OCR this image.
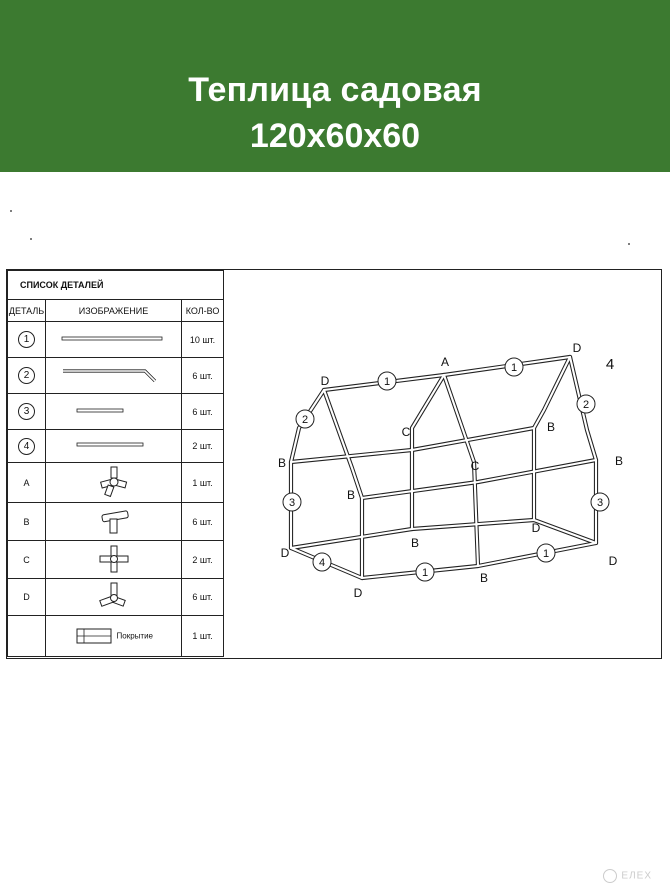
Теплица садовая
120x60x60
СПИСОК ДЕТАЛЕЙ		
ДЕТАЛЬ	ИЗОБРАЖЕНИЕ	КОЛ-ВО
1		10 шт.
2		6 шт.
3		6 шт.
4		2 шт.
A		1 шт.
B		6 шт.
C		2 шт.
D		6 шт.
	Покрытие	1 шт.
1
1
2
2
3	3
4
1
1
A
D
4
D
C	B
B	C	B
B
B
D
D
D
D
B
ЕЛЕХ
